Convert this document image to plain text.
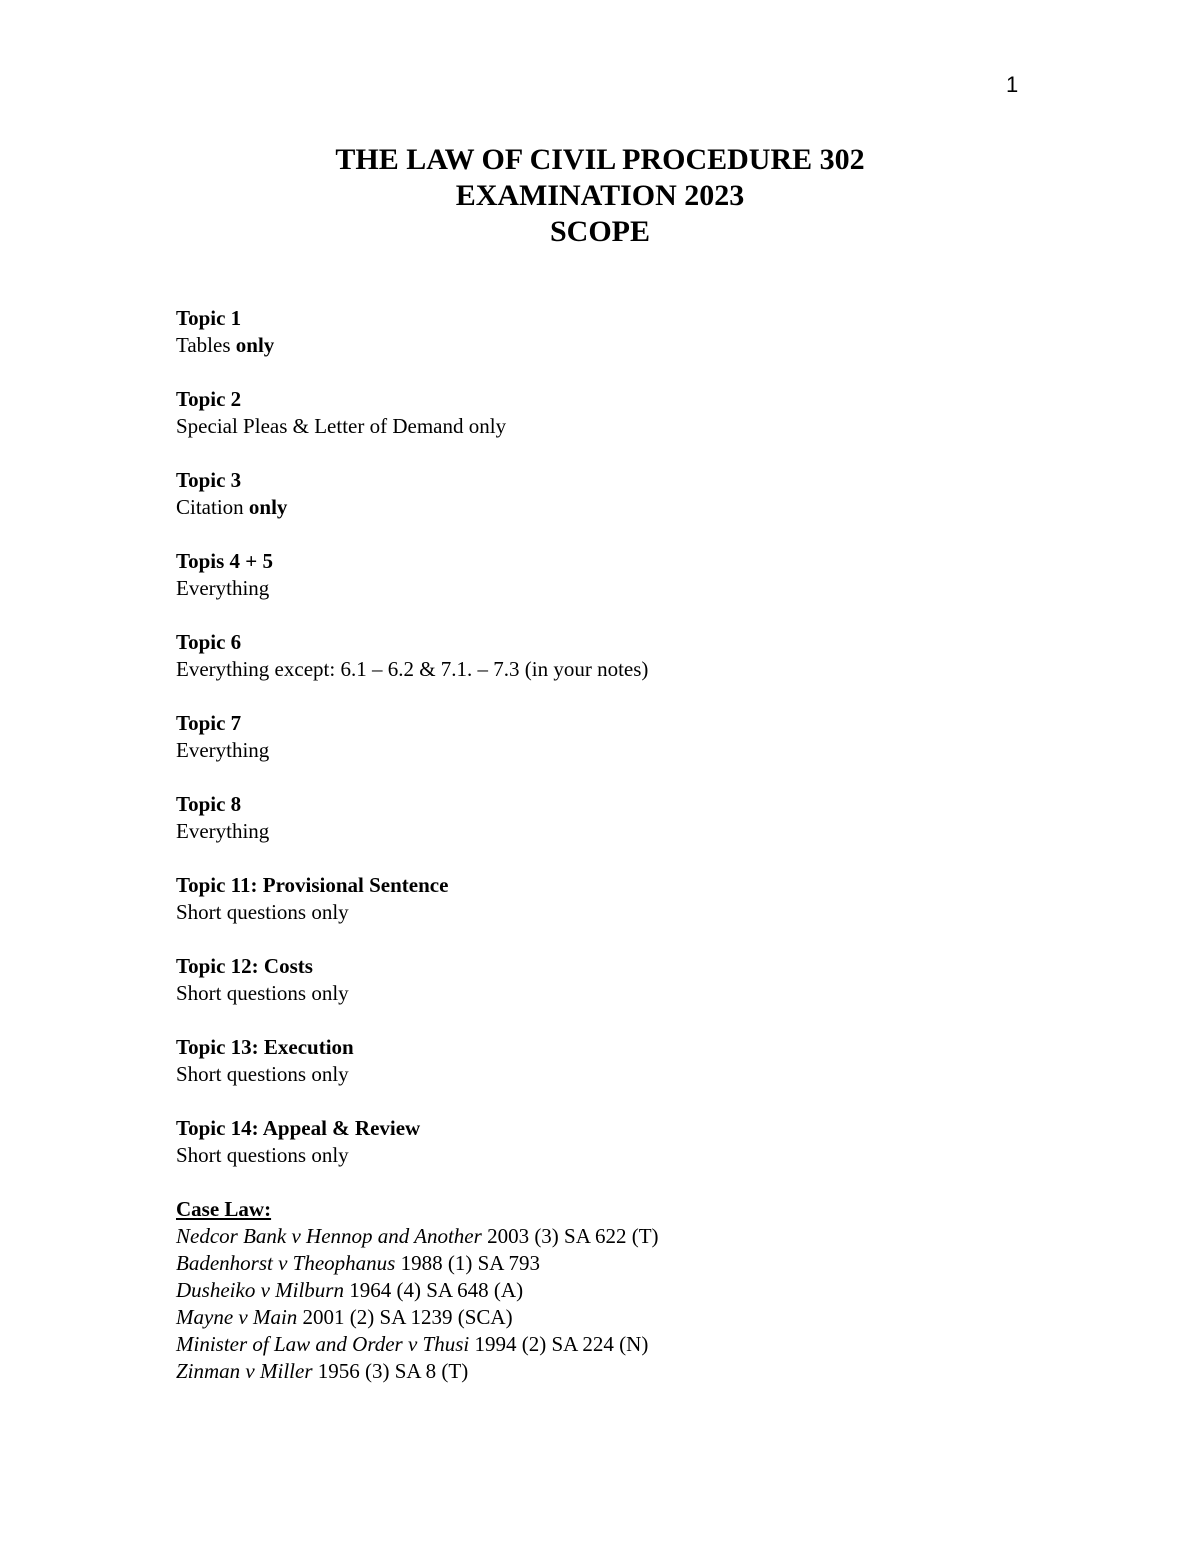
1
THE LAW OF CIVIL PROCEDURE 302
EXAMINATION 2023
SCOPE
Topic 1
Tables only
Topic 2
Special Pleas & Letter of Demand only
Topic 3
Citation only
Topis 4 + 5
Everything
Topic 6
Everything except: 6.1 – 6.2 & 7.1. – 7.3 (in your notes)
Topic 7
Everything
Topic 8
Everything
Topic 11: Provisional Sentence
Short questions only
Topic 12: Costs
Short questions only
Topic 13: Execution
Short questions only
Topic 14: Appeal & Review
Short questions only
Case Law:
Nedcor Bank v Hennop and Another 2003 (3) SA 622 (T)
Badenhorst v Theophanus 1988 (1) SA 793
Dusheiko v Milburn 1964 (4) SA 648 (A)
Mayne v Main 2001 (2) SA 1239 (SCA)
Minister of Law and Order v Thusi 1994 (2) SA 224 (N)
Zinman v Miller 1956 (3) SA 8 (T)
